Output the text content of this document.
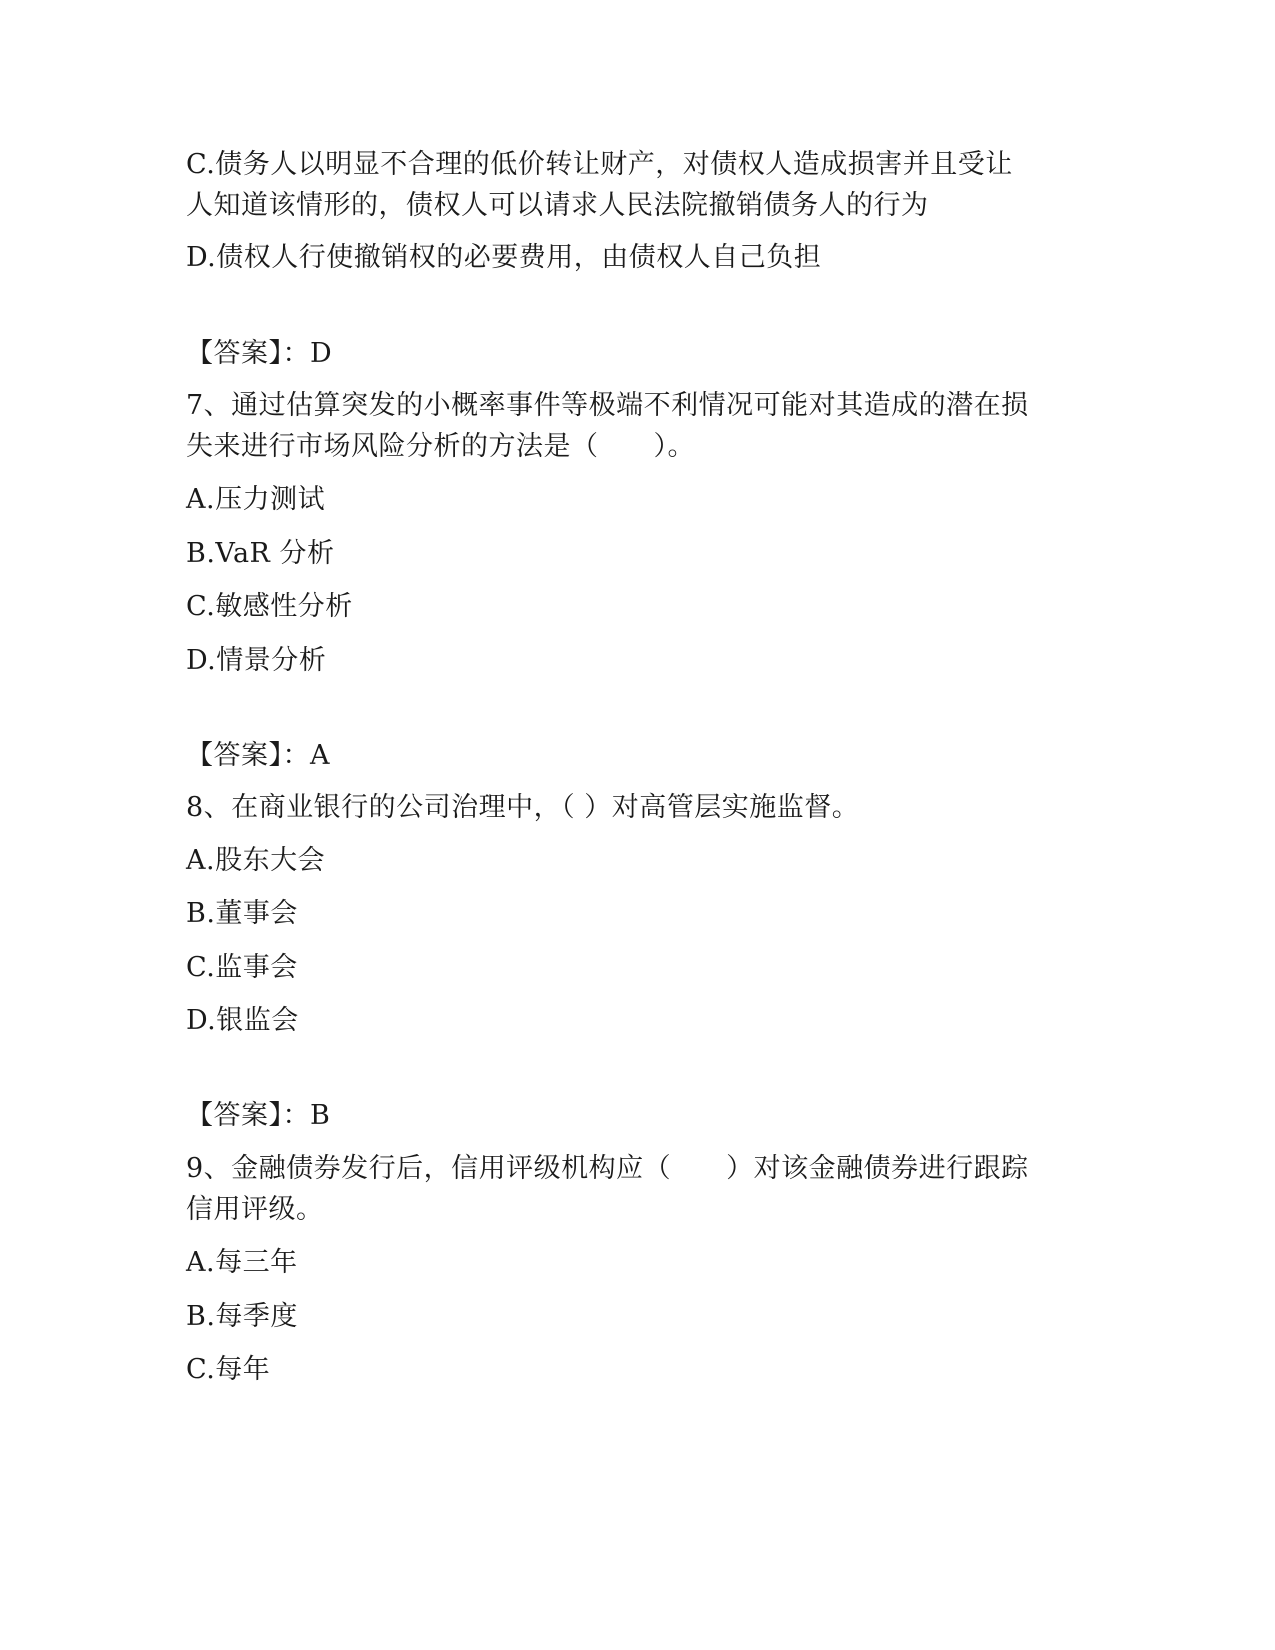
C.债务人以明显不合理的低价转让财产，对债权人造成损害并且受让
人知道该情形的，债权人可以请求人民法院撤销债务人的行为
D.债权人行使撤销权的必要费用，由债权人自己负担
【答案】：D
7、通过估算突发的小概率事件等极端不利情况可能对其造成的潜在损
失来进行市场风险分析的方法是（　　）。
A.压力测试
B.VaR 分析
C.敏感性分析
D.情景分析
【答案】：A
8、在商业银行的公司治理中，（ ）对高管层实施监督。
A.股东大会
B.董事会
C.监事会
D.银监会
【答案】：B
9、金融债券发行后，信用评级机构应（　　）对该金融债券进行跟踪
信用评级。
A.每三年
B.每季度
C.每年
